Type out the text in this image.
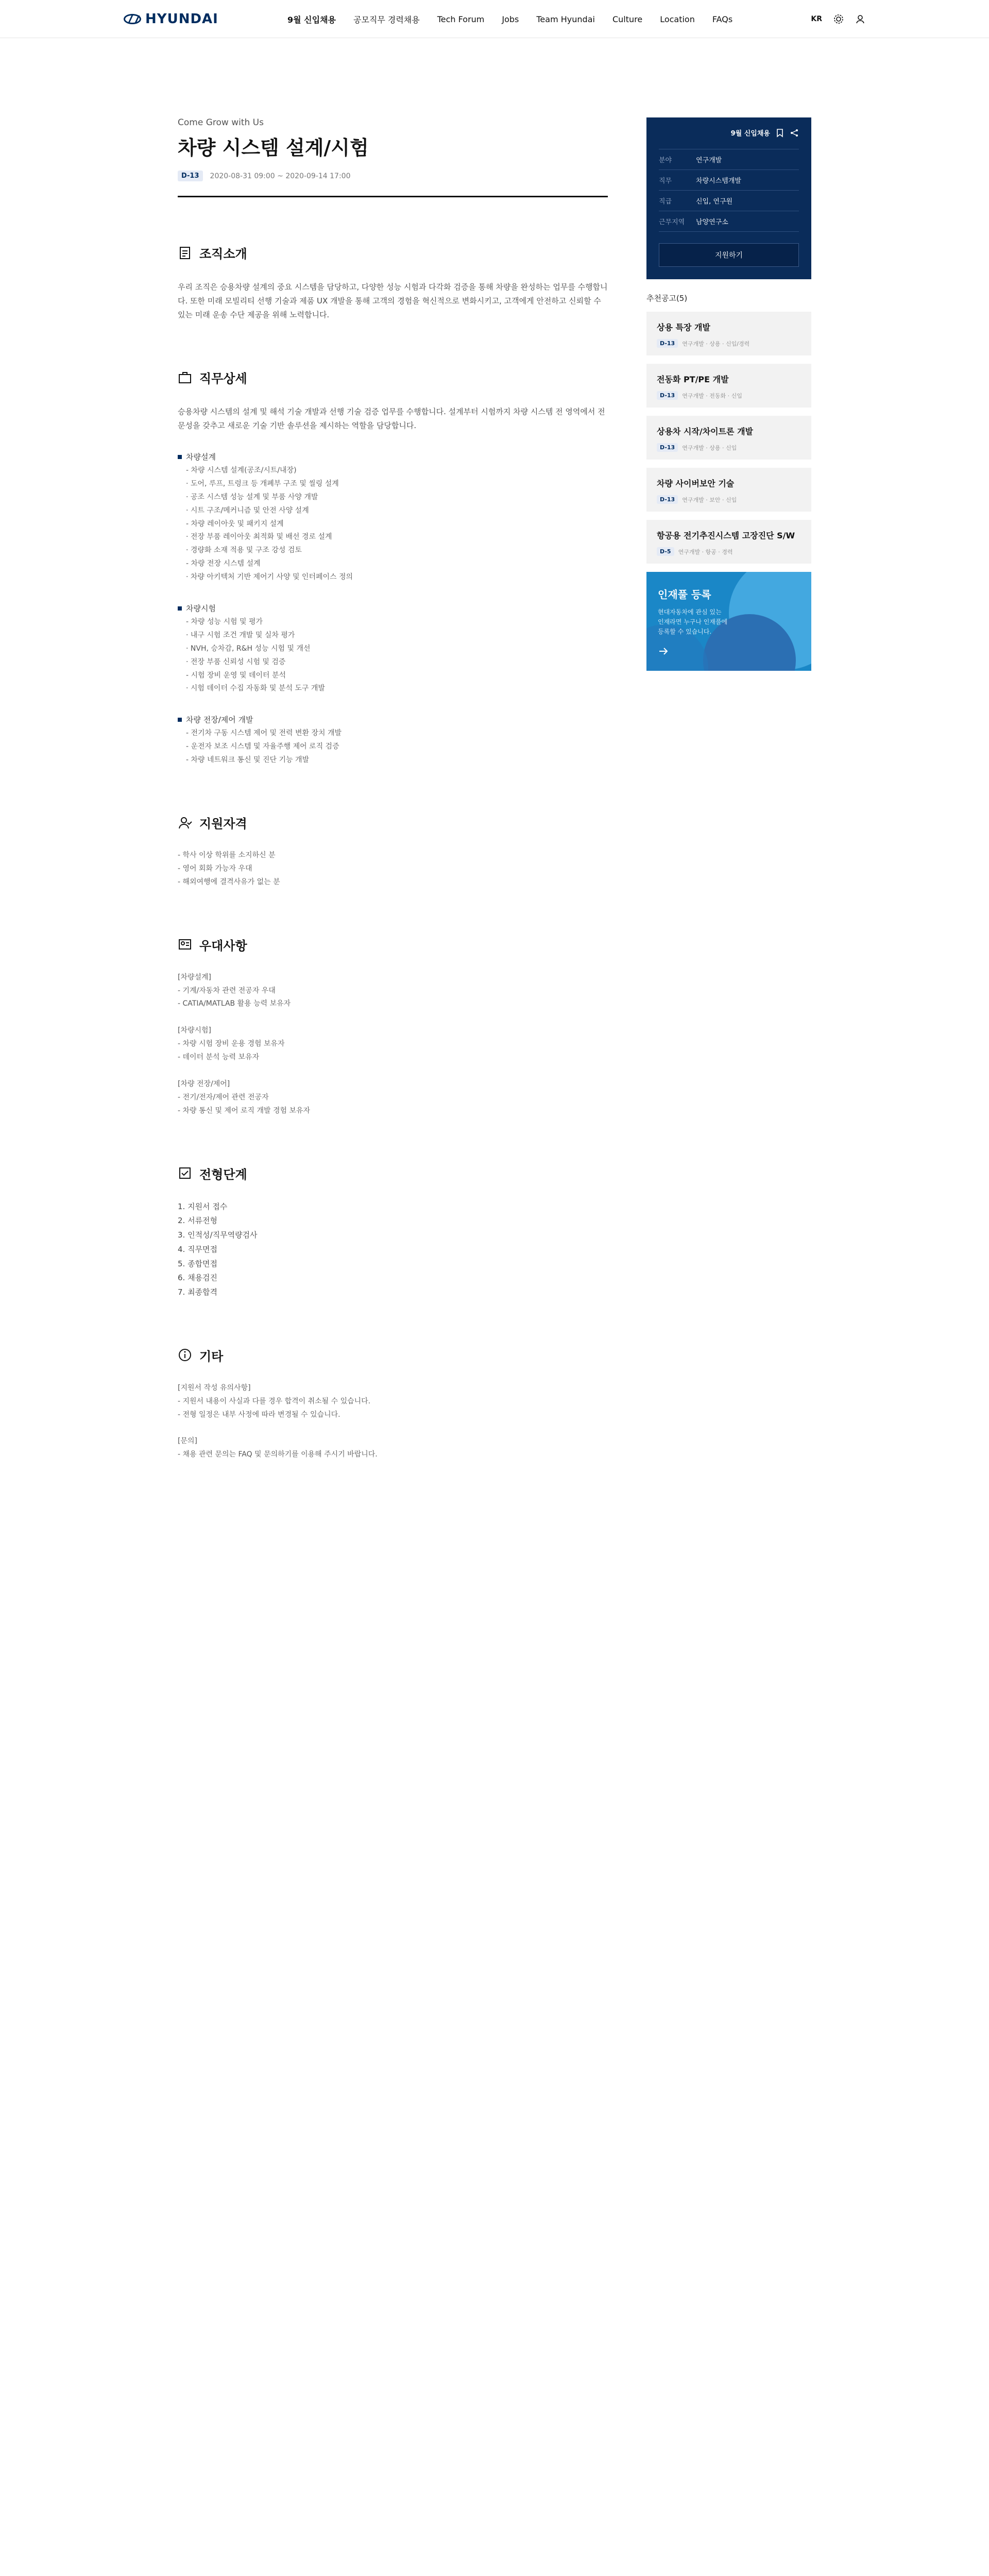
HYUNDAI	9월 신입채용 공모직무 경력채용 Tech Forum Jobs Team Hyundai Culture Location FAQs	KR

Come Grow with Us

차량 시스템 설계/시험
D-13	2020-08-31 09:00 ~ 2020-09-14 17:00
조직소개

우리 조직은 승용차량 설계의 중요 시스템을 담당하고, 다양한 성능 시험과 다각화 검증을 통해 차량을 완성하는 업무를 수행합니다. 또한 미래 모빌리티 선행 기술과 제품 UX 개발을 통해 고객의 경험을 혁신적으로 변화시키고, 고객에게 안전하고 신뢰할 수 있는 미래 운송 수단 제공을 위해 노력합니다.

직무상세

승용차량 시스템의 설계 및 해석 기술 개발과 선행 기술 검증 업무를 수행합니다. 설계부터 시험까지 차량 시스템 전 영역에서 전문성을 갖추고 새로운 기술 기반 솔루션을 제시하는 역할을 담당합니다.

차량설계
- 차량 시스템 설계(공조/시트/내장)
· 도어, 루프, 트렁크 등 개폐부 구조 및 씰링 설계
· 공조 시스템 성능 설계 및 부품 사양 개발
· 시트 구조/메커니즘 및 안전 사양 설계
- 차량 레이아웃 및 패키지 설계
· 전장 부품 레이아웃 최적화 및 배선 경로 설계
· 경량화 소재 적용 및 구조 강성 검토
- 차량 전장 시스템 설계
· 차량 아키텍처 기반 제어기 사양 및 인터페이스 정의
차량시험
- 차량 성능 시험 및 평가
· 내구 시험 조건 개발 및 실차 평가
· NVH, 승차감, R&H 성능 시험 및 개선
· 전장 부품 신뢰성 시험 및 검증
- 시험 장비 운영 및 데이터 분석
· 시험 데이터 수집 자동화 및 분석 도구 개발
차량 전장/제어 개발
- 전기차 구동 시스템 제어 및 전력 변환 장치 개발
- 운전자 보조 시스템 및 자율주행 제어 로직 검증
- 차량 네트워크 통신 및 진단 기능 개발
지원자격

- 학사 이상 학위를 소지하신 분
- 영어 회화 가능자 우대
- 해외여행에 결격사유가 없는 분

우대사항

[차량설계]
- 기계/자동차 관련 전공자 우대
- CATIA/MATLAB 활용 능력 보유자

[차량시험]
- 차량 시험 장비 운용 경험 보유자
- 데이터 분석 능력 보유자

[차량 전장/제어]
- 전기/전자/제어 관련 전공자
- 차량 통신 및 제어 로직 개발 경험 보유자

전형단계
1. 지원서 접수
2. 서류전형
3. 인적성/직무역량검사
4. 직무면접
5. 종합면접
6. 채용검진
7. 최종합격
기타

[지원서 작성 유의사항]
- 지원서 내용이 사실과 다를 경우 합격이 취소될 수 있습니다.
- 전형 일정은 내부 사정에 따라 변경될 수 있습니다.

[문의]
- 채용 관련 문의는 FAQ 및 문의하기를 이용해 주시기 바랍니다.

9월 신입채용
분야	연구개발
직무	차량시스템개발
직급	신입, 연구원
근무지역	남양연구소
지원하기

추천공고(5)

상용 특장 개발

D-13	연구개발 · 상용 · 신입/경력

전동화 PT/PE 개발

D-13	연구개발 · 전동화 · 신입

상용차 시작/차이트론 개발

D-13	연구개발 · 상용 · 신입

차량 사이버보안 기술

D-13	연구개발 · 보안 · 신입

항공용 전기추진시스템 고장진단 S/W

D-5	연구개발 · 항공 · 경력

인재풀 등록

현대자동차에 관심 있는
인재라면 누구나 인재풀에
등록할 수 있습니다.
